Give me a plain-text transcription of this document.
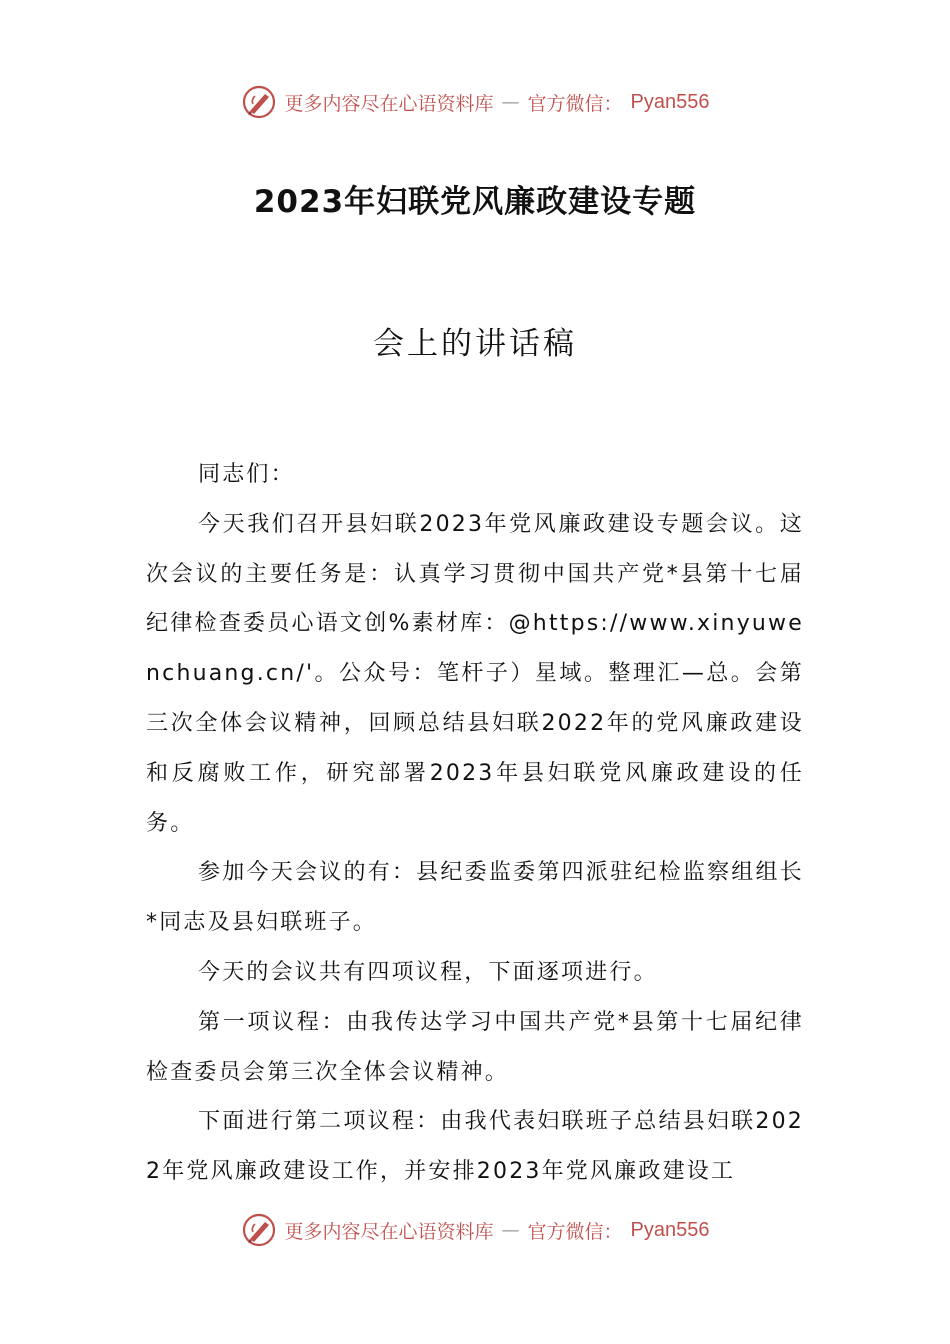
更多内容尽在心语资料库 — 官方微信： Pyan556
2023年妇联党风廉政建设专题
会上的讲话稿

同志们：

今天我们召开县妇联2023年党风廉政建设专题会议。这次会议的主要任务是：认真学习贯彻中国共产党*县第十七届纪律检查委员心语文创%素材库：@https://www.xinyuwenchuang.cn/'。公众号：笔杆子）星域。整理汇—总。会第三次全体会议精神，回顾总结县妇联2022年的党风廉政建设和反腐败工作，研究部署2023年县妇联党风廉政建设的任务。

参加今天会议的有：县纪委监委第四派驻纪检监察组组长*同志及县妇联班子。

今天的会议共有四项议程，下面逐项进行。

第一项议程：由我传达学习中国共产党*县第十七届纪律检查委员会第三次全体会议精神。

下面进行第二项议程：由我代表妇联班子总结县妇联2022年党风廉政建设工作，并安排2023年党风廉政建设工

更多内容尽在心语资料库 — 官方微信： Pyan556
